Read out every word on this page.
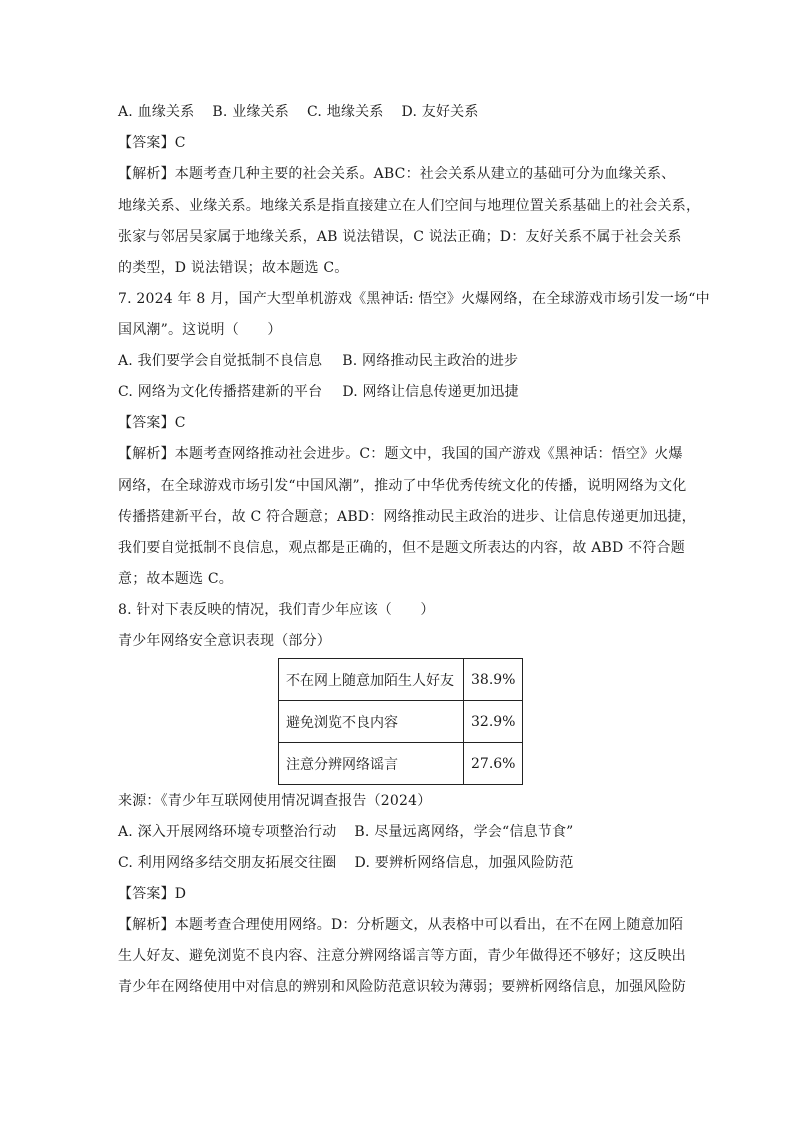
A. 血缘关系 B. 业缘关系 C. 地缘关系 D. 友好关系
【答案】C
【解析】本题考查几种主要的社会关系。ABC：社会关系从建立的基础可分为血缘关系、
地缘关系、业缘关系。地缘关系是指直接建立在人们空间与地理位置关系基础上的社会关系，
张家与邻居吴家属于地缘关系，AB 说法错误，C 说法正确；D：友好关系不属于社会关系
的类型，D 说法错误；故本题选 C。
7. 2024 年 8 月，国产大型单机游戏《黑神话: 悟空》火爆网络，在全球游戏市场引发一场“中
国风潮”。这说明（　　）
A. 我们要学会自觉抵制不良信息 B. 网络推动民主政治的进步
C. 网络为文化传播搭建新的平台 D. 网络让信息传递更加迅捷
【答案】C
【解析】本题考查网络推动社会进步。C：题文中，我国的国产游戏《黑神话：悟空》火爆
网络，在全球游戏市场引发“中国风潮”，推动了中华优秀传统文化的传播，说明网络为文化
传播搭建新平台，故 C 符合题意；ABD：网络推动民主政治的进步、让信息传递更加迅捷，
我们要自觉抵制不良信息，观点都是正确的，但不是题文所表达的内容，故 ABD 不符合题
意；故本题选 C。
8. 针对下表反映的情况，我们青少年应该（　　）
青少年网络安全意识表现（部分）
不在网上随意加陌生人好友	38.9%
避免浏览不良内容	32.9%
注意分辨网络谣言	27.6%
来源：《青少年互联网使用情况调查报告（2024）
A. 深入开展网络环境专项整治行动 B. 尽量远离网络，学会“信息节食”
C. 利用网络多结交朋友拓展交往圈 D. 要辨析网络信息，加强风险防范
【答案】D
【解析】本题考查合理使用网络。D：分析题文，从表格中可以看出，在不在网上随意加陌
生人好友、避免浏览不良内容、注意分辨网络谣言等方面，青少年做得还不够好；这反映出
青少年在网络使用中对信息的辨别和风险防范意识较为薄弱；要辨析网络信息，加强风险防
